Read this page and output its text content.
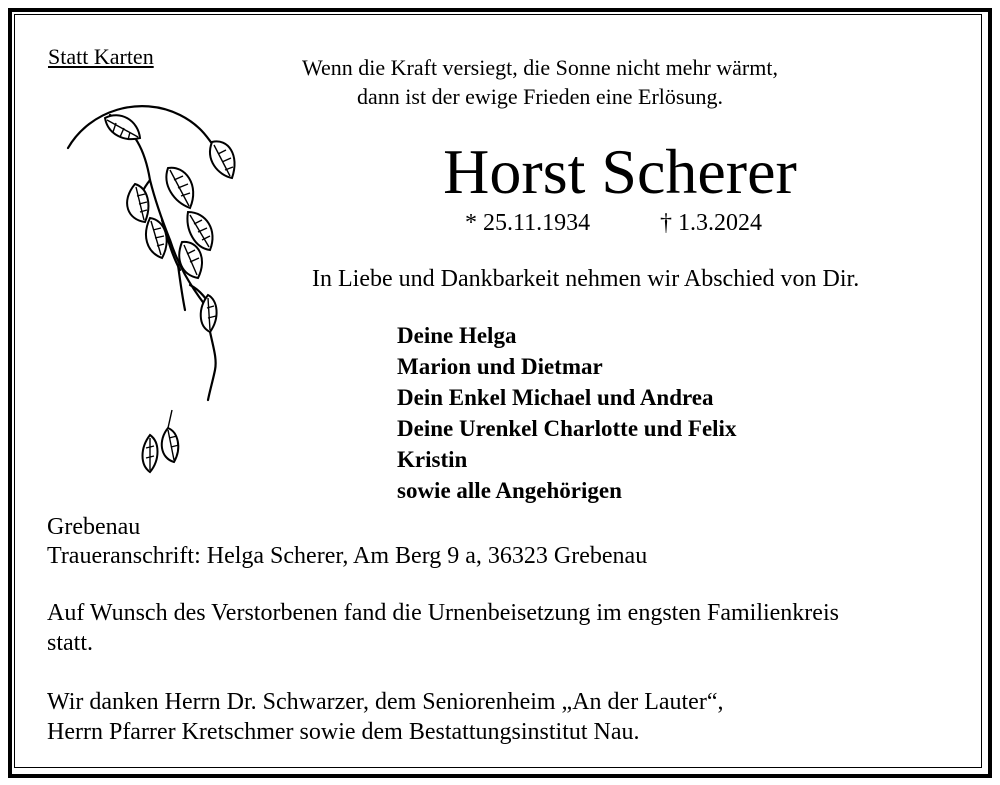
Statt Karten	Wenn die Kraft versiegt, die Sonne nicht mehr wärmt,
dann ist der ewige Frieden eine Erlösung.
Horst Scherer
* 25.11.1934	† 1.3.2024
In Liebe und Dankbarkeit nehmen wir Abschied von Dir.
Deine Helga
Marion und Dietmar
Dein Enkel Michael und Andrea
Deine Urenkel Charlotte und Felix
Kristin
sowie alle Angehörigen
Grebenau
Traueranschrift: Helga Scherer, Am Berg 9 a, 36323 Grebenau
Auf Wunsch des Verstorbenen fand die Urnenbeisetzung im engsten Familienkreis
statt.
Wir danken Herrn Dr. Schwarzer, dem Seniorenheim „An der Lauter“,
Herrn Pfarrer Kretschmer sowie dem Bestattungsinstitut Nau.
